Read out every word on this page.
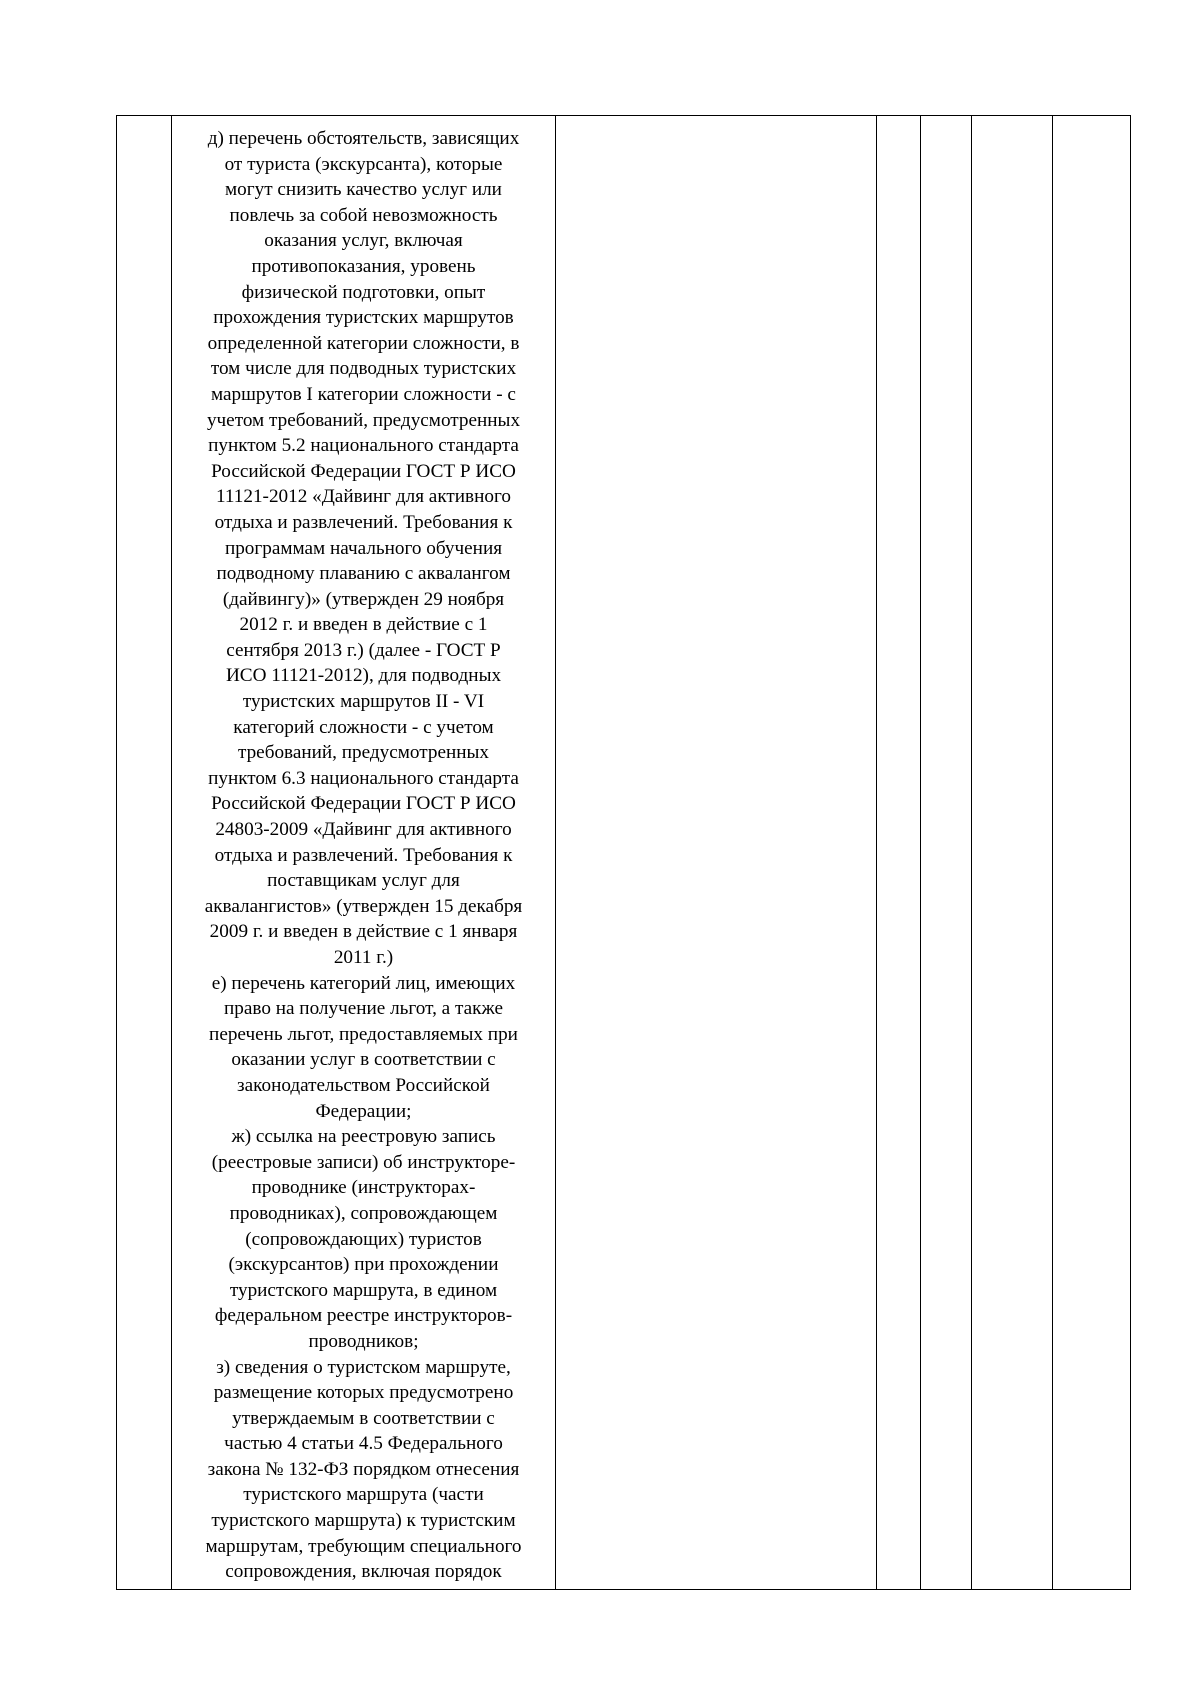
д) перечень обстоятельств, зависящих
от туриста (экскурсанта), которые
могут снизить качество услуг или
повлечь за собой невозможность
оказания услуг, включая
противопоказания, уровень
физической подготовки, опыт
прохождения туристских маршрутов
определенной категории сложности, в
том числе для подводных туристских
маршрутов I категории сложности - с
учетом требований, предусмотренных
пунктом 5.2 национального стандарта
Российской Федерации ГОСТ Р ИСО
11121-2012 «Дайвинг для активного
отдыха и развлечений. Требования к
программам начального обучения
подводному плаванию с аквалангом
(дайвингу)» (утвержден 29 ноября
2012 г. и введен в действие с 1
сентября 2013 г.) (далее - ГОСТ Р
ИСО 11121-2012), для подводных
туристских маршрутов II - VI
категорий сложности - с учетом
требований, предусмотренных
пунктом 6.3 национального стандарта
Российской Федерации ГОСТ Р ИСО
24803-2009 «Дайвинг для активного
отдыха и развлечений. Требования к
поставщикам услуг для
аквалангистов» (утвержден 15 декабря
2009 г. и введен в действие с 1 января
2011 г.)
е) перечень категорий лиц, имеющих
право на получение льгот, а также
перечень льгот, предоставляемых при
оказании услуг в соответствии с
законодательством Российской
Федерации;
ж) ссылка на реестровую запись
(реестровые записи) об инструкторе-
проводнике (инструкторах-
проводниках), сопровождающем
(сопровождающих) туристов
(экскурсантов) при прохождении
туристского маршрута, в едином
федеральном реестре инструкторов-
проводников;
з) сведения о туристском маршруте,
размещение которых предусмотрено
утверждаемым в соответствии с
частью 4 статьи 4.5 Федерального
закона № 132-ФЗ порядком отнесения
туристского маршрута (части
туристского маршрута) к туристским
маршрутам, требующим специального
сопровождения, включая порядок
